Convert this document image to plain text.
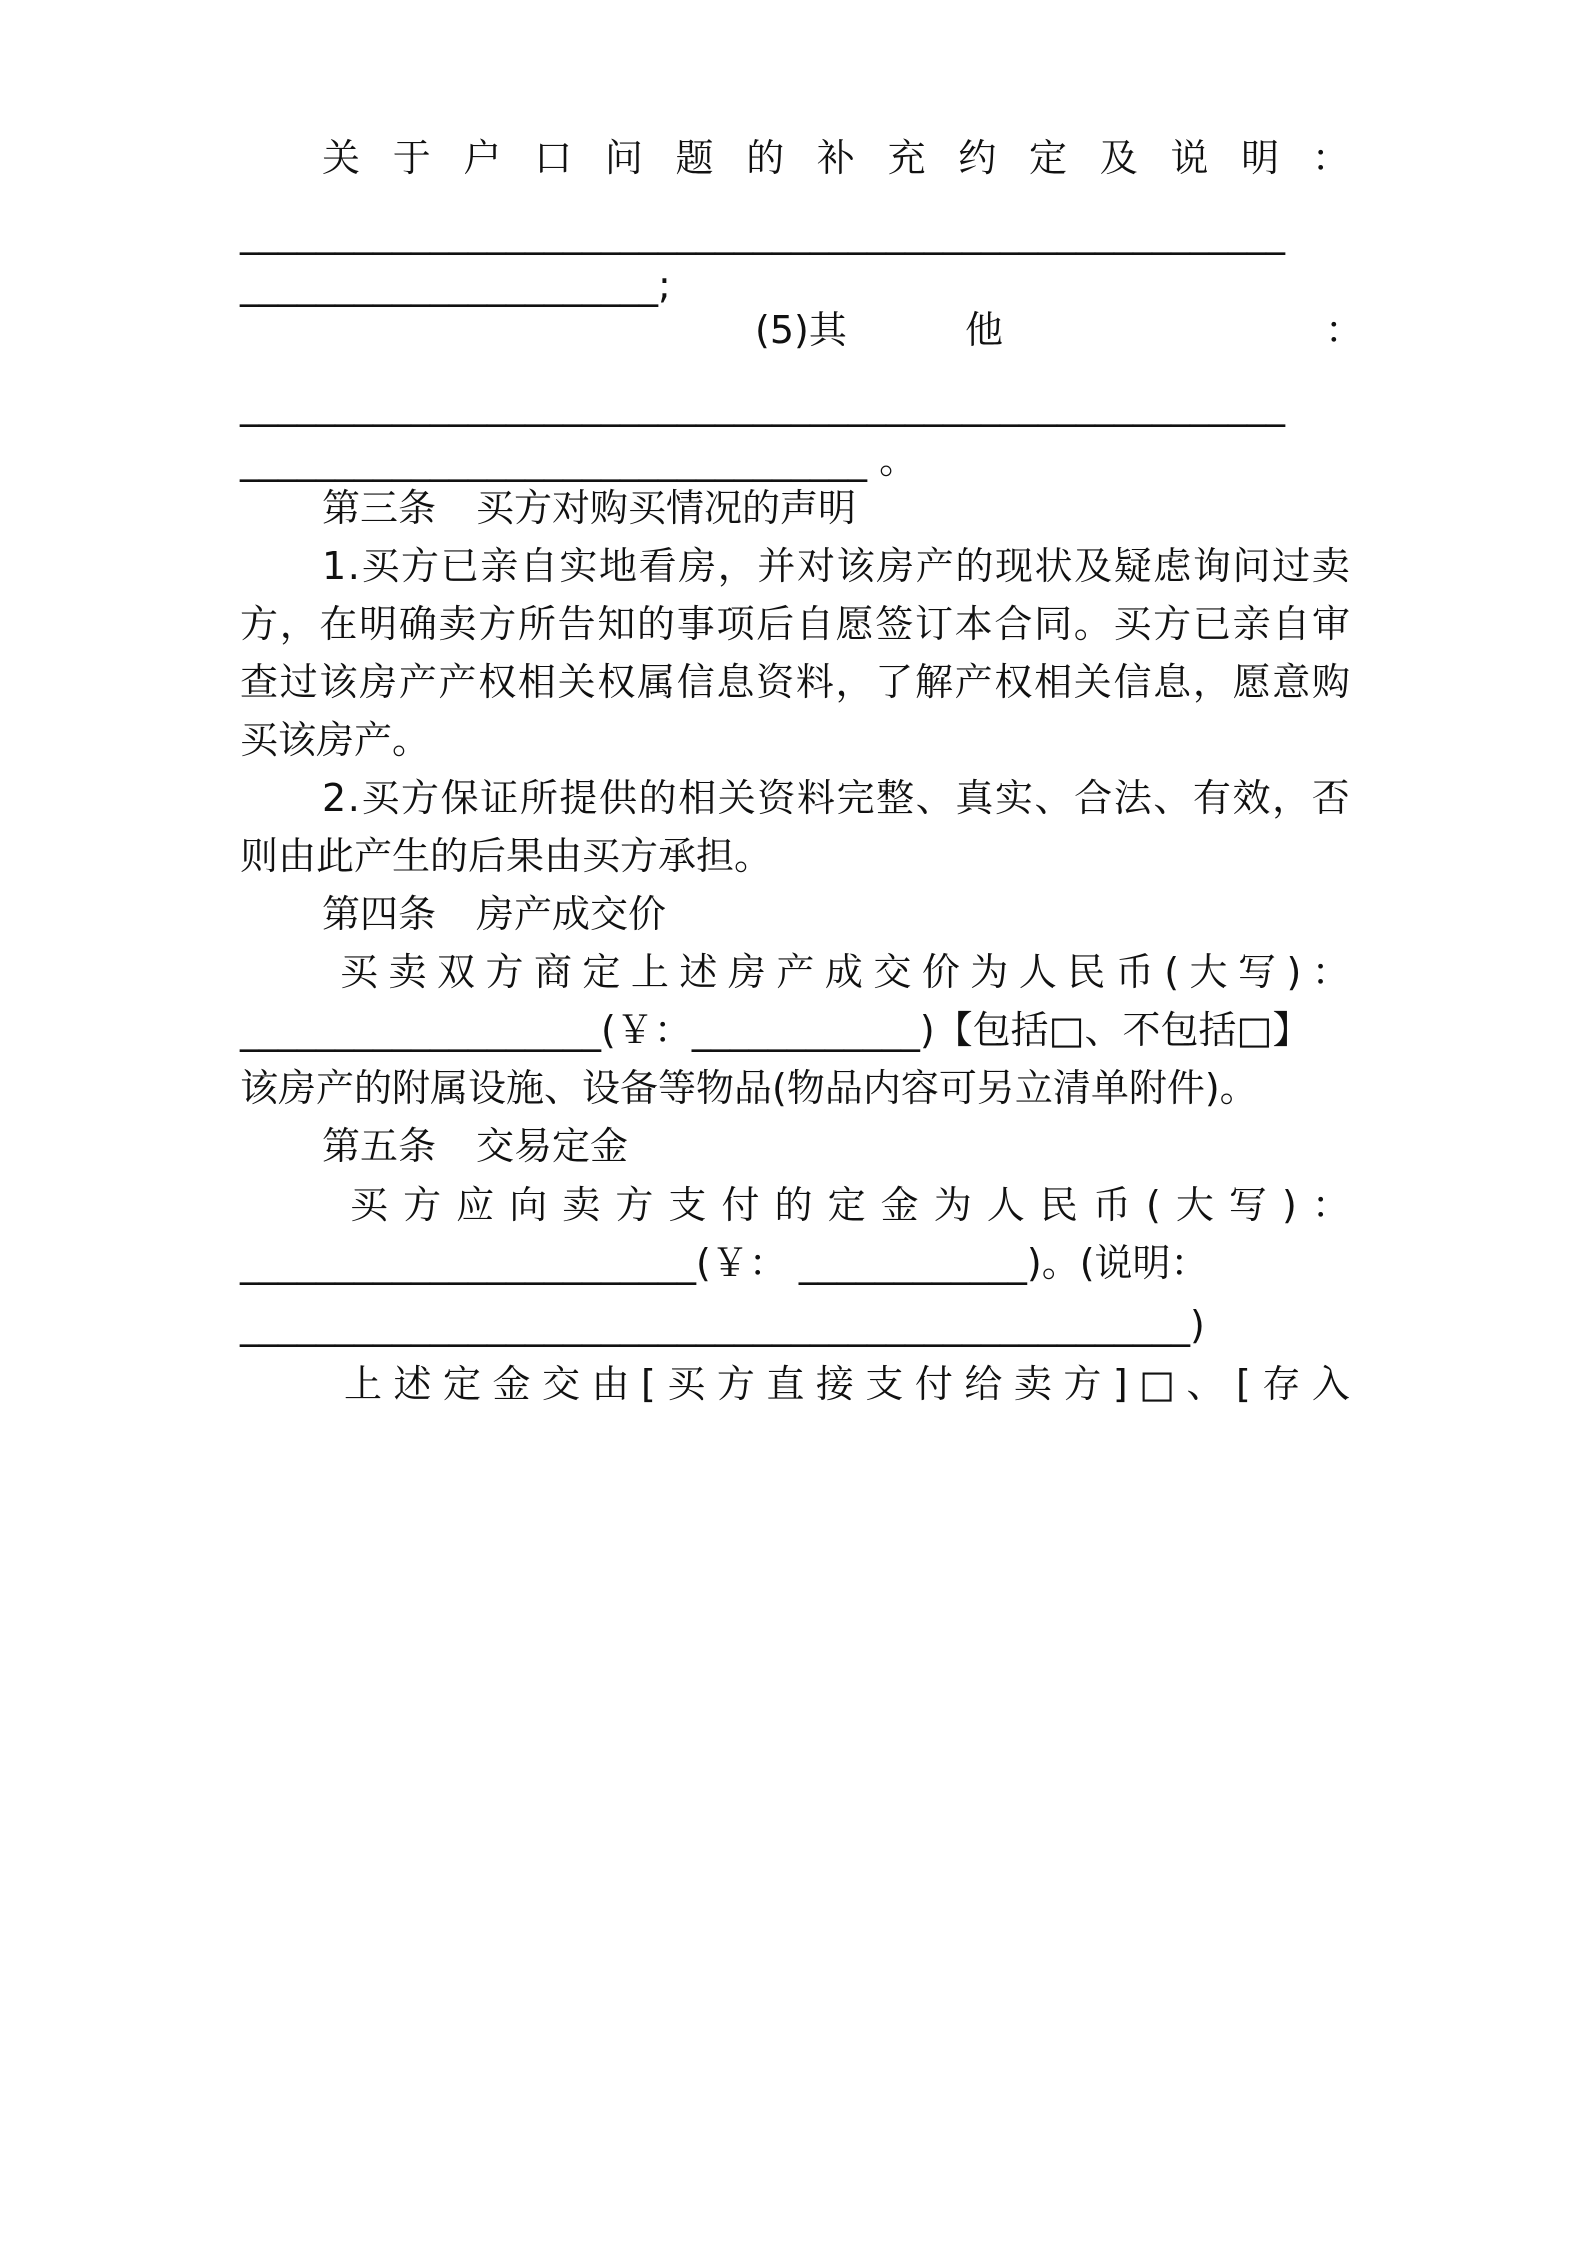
关 于 户 口 问 题 的 补 充 约 定 及 说 明 ：
_______________________________________________________
______________________;
(5)其	他	：
_______________________________________________________
_________________________________ 。
第三条 买方对购买情况的声明
1 . 买 方 已 亲 自 实 地 看 房 ， 并 对 该 房 产 的 现 状 及 疑 虑 询 问 过 卖
方 ， 在 明 确 卖 方 所 告 知 的 事 项 后 自 愿 签 订 本 合 同 。 买 方 已 亲 自 审
查 过 该 房 产 产 权 相 关 权 属 信 息 资 料 ， 了 解 产 权 相 关 信 息 ， 愿 意 购
买该房产。
2 . 买 方 保 证 所 提 供 的 相 关 资 料 完 整 、 真 实 、 合 法 、 有 效 ， 否
则由此产生的后果由买方承担。
第四条 房产成交价
买 卖 双 方 商 定 上 述 房 产 成 交 价 为 人 民 币 ( 大 写 ) ：
___________________(￥：____________)【包括□、不包括□】
该房产的附属设施、设备等物品(物品内容可另立清单附件)。
第五条 交易定金
买 方 应 向 卖 方 支 付 的 定 金 为 人 民 币 ( 大 写 ) ：
________________________(￥： ____________)。(说明：
__________________________________________________)
上 述 定 金 交 由 [ 买 方 直 接 支 付 给 卖 方 ] □ 、 [ 存 入
